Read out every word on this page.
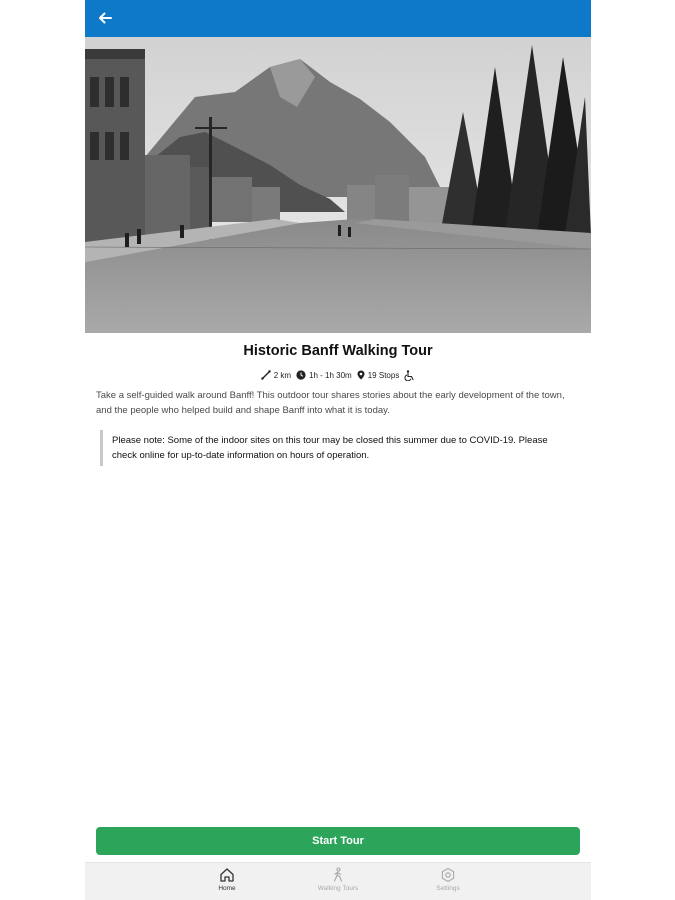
Historic Banff Walking Tour
2 km 1h - 1h 30m 19 Stops
Take a self-guided walk around Banff! This outdoor tour shares stories about the early development of the town, and the people who helped build and shape Banff into what it is today.
Please note: Some of the indoor sites on this tour may be closed this summer due to COVID-19. Please check online for up-to-date information on hours of operation.
Start Tour
Home	Walking Tours	Settings
